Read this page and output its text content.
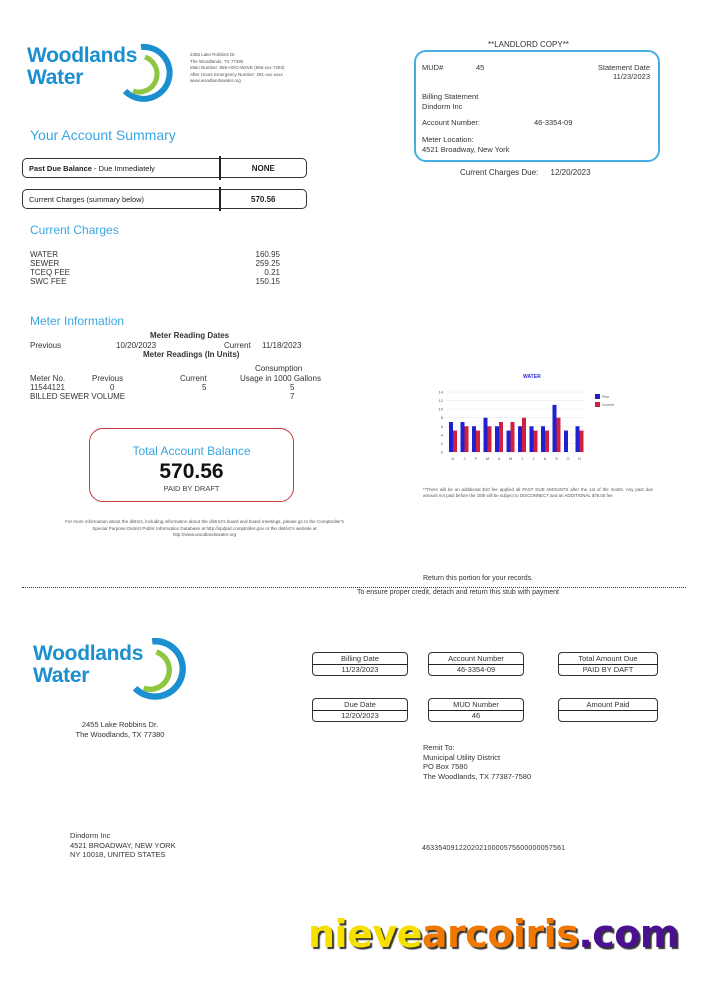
Woodlands
Water
2455 Lake Robbins Dr.
The Woodlands, TX 77380
Main Number: 855-HOO-WAVE (855-xxx-7283)
After Hours Emergency Number: 281-xxx-xxxx
www.woodlandswater.org
**LANDLORD COPY**
MUD#	45	Statement Date
11/23/2023
Billing Statement
Dindorm Inc
Account Number:	46-3354-09
Meter Location:
4521 Broadway, New York
Current Charges Due: 12/20/2023
Your Account Summary
Past Due Balance - Due Immediately	NONE
Current Charges (summary below)	570.56
Current Charges
WATER	160.95
SEWER	259.25
TCEQ FEE	0.21
SWC FEE	150.15
Meter Information
Meter Reading Dates
Previous	10/20/2023	Current 11/18/2023
Meter Readings (In Units)
Consumption
Meter No.	Previous	Current	Usage in 1000 Gallons
11544121	0	5	5
BILLED SEWER VOLUME	7
Total Account Balance
570.56
PAID BY DRAFT
For more information about the district, including information about the district's board and board meetings, please go to the Comptroller's Special Purpose District Public Information Database at http://spdpid.comptroller.gov or the district's website at http://www.woodlandswater.org
WATER
0
2
4
6
8
10
12
14
D J F M A M J J A S O N
Prior
Current
**There will be an additional $10 fee applied all PAST DUE AMOUNTS after the 1st of the month. Any past due amount not paid before the 15th will be subject to DISCONNECT and an ADDITIONAL $75.00 fee
Return this portion for your records.
To ensure proper credit, detach and return this stub with payment
Woodlands
Water
2455 Lake Robbins Dr.
The Woodlands, TX 77380
Billing Date
11/23/2023
Account Number
46-3354-09
Total Amount Due
PAID BY DAFT
Due Date
12/20/2023
MUD Number
46
Amount Paid
Remit To:
Municipal Utility District
PO Box 7580
The Woodlands, TX 77387-7580
Dindorm Inc
4521 BROADWAY, NEW YORK
NY 10018, UNITED STATES
46335409122020210000575600000057561
nievearcoiris.com
